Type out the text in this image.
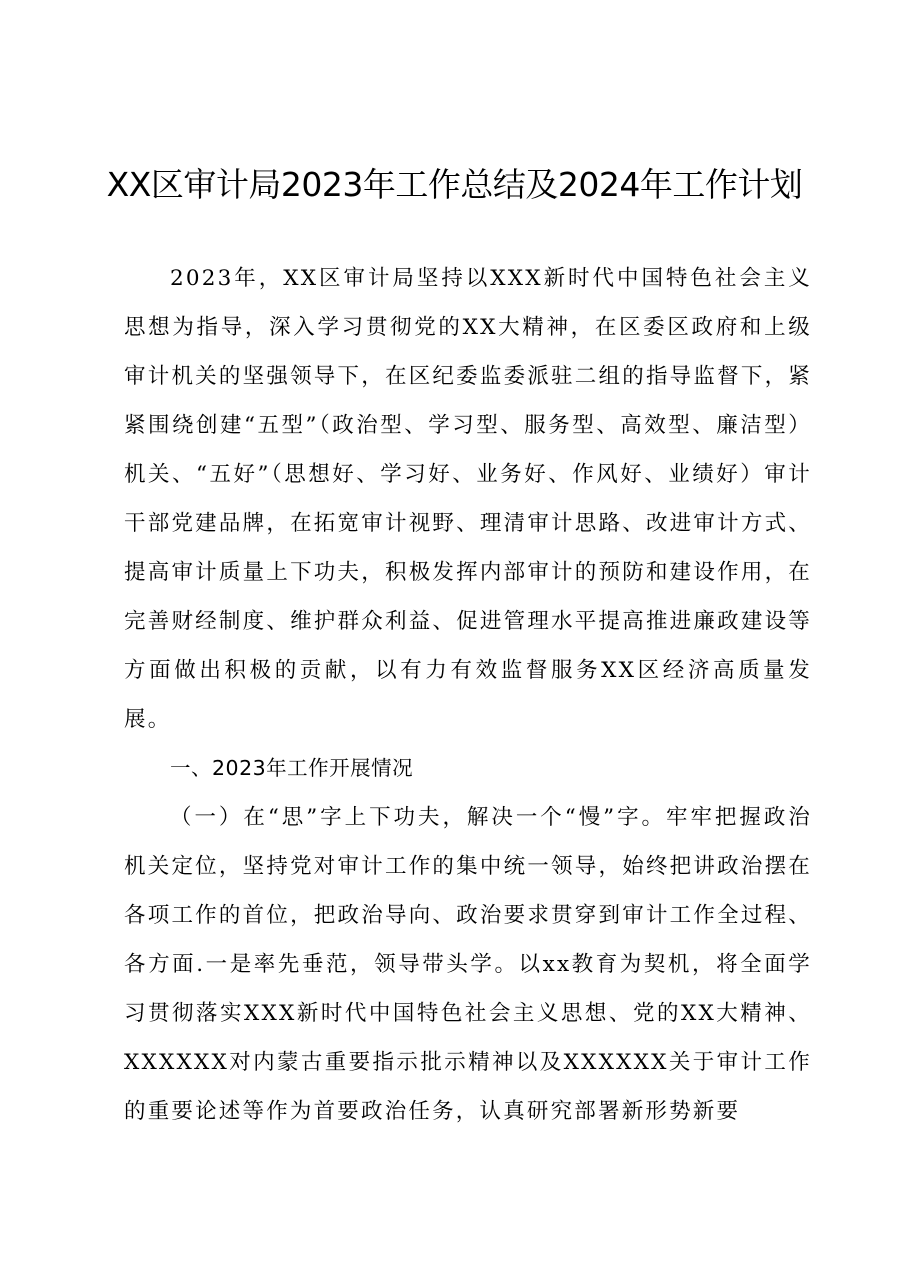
XX区审计局2023年工作总结及2024年工作计划

2023年，XX区审计局坚持以XXX新时代中国特色社会主义思想为指导，深入学习贯彻党的XX大精神，在区委区政府和上级审计机关的坚强领导下，在区纪委监委派驻二组的指导监督下，紧紧围绕创建“五型”（政治型、学习型、服务型、高效型、廉洁型）机关、“五好”（思想好、学习好、业务好、作风好、业绩好）审计干部党建品牌，在拓宽审计视野、理清审计思路、改进审计方式、提高审计质量上下功夫，积极发挥内部审计的预防和建设作用，在完善财经制度、维护群众利益、促进管理水平提高推进廉政建设等方面做出积极的贡献，以有力有效监督服务XX区经济高质量发展。

一、2023年工作开展情况

（一）在“思”字上下功夫，解决一个“慢”字。牢牢把握政治机关定位，坚持党对审计工作的集中统一领导，始终把讲政治摆在各项工作的首位，把政治导向、政治要求贯穿到审计工作全过程、各方面.一是率先垂范，领导带头学。以xx教育为契机，将全面学习贯彻落实XXX新时代中国特色社会主义思想、党的XX大精神、XXXXXX对内蒙古重要指示批示精神以及XXXXXX关于审计工作的重要论述等作为首要政治任务，认真研究部署新形势新要
